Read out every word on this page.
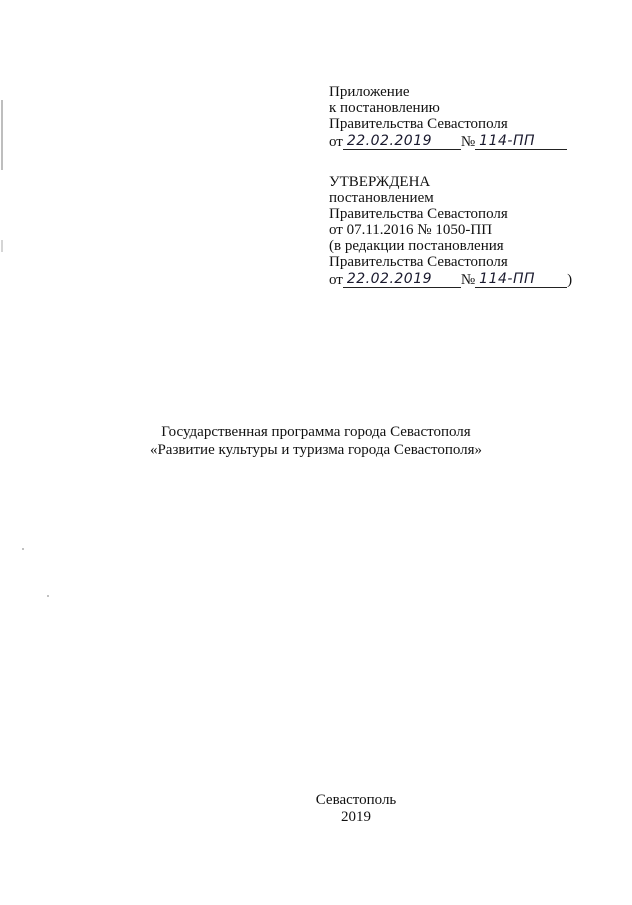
Приложение
к постановлению
Правительства Севастополя
от 22.02.2019 № 114-ПП
УТВЕРЖДЕНА
постановлением
Правительства Севастополя
от 07.11.2016 № 1050-ПП
(в редакции постановления
Правительства Севастополя
от 22.02.2019 № 114-ПП )
Государственная программа города Севастополя
«Развитие культуры и туризма города Севастополя»
Севастополь
2019
